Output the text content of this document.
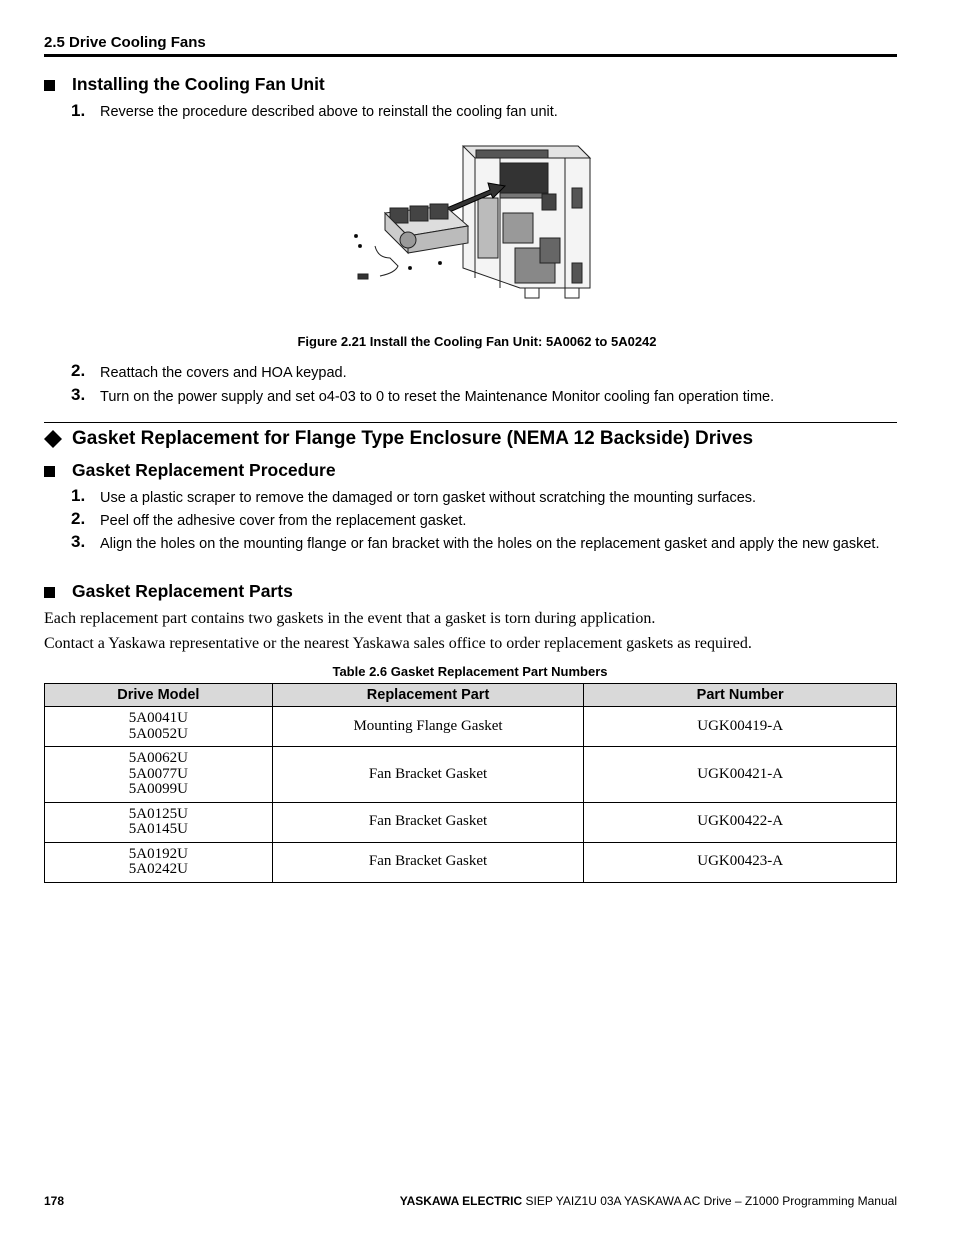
2.5 Drive Cooling Fans
Installing the Cooling Fan Unit
1. Reverse the procedure described above to reinstall the cooling fan unit.
Figure 2.21 Install the Cooling Fan Unit: 5A0062 to 5A0242
2. Reattach the covers and HOA keypad.
3. Turn on the power supply and set o4-03 to 0 to reset the Maintenance Monitor cooling fan operation time.
Gasket Replacement for Flange Type Enclosure (NEMA 12 Backside) Drives
Gasket Replacement Procedure
1. Use a plastic scraper to remove the damaged or torn gasket without scratching the mounting surfaces.
2. Peel off the adhesive cover from the replacement gasket.
3. Align the holes on the mounting flange or fan bracket with the holes on the replacement gasket and apply the new gasket.
Gasket Replacement Parts
Each replacement part contains two gaskets in the event that a gasket is torn during application.
Contact a Yaskawa representative or the nearest Yaskawa sales office to order replacement gaskets as required.
Table 2.6 Gasket Replacement Part Numbers
Drive Model	Replacement Part	Part Number

5A0041U
5A0052U	Mounting Flange Gasket	UGK00419-A

5A0062U
5A0077U
5A0099U	Fan Bracket Gasket	UGK00421-A

5A0125U
5A0145U	Fan Bracket Gasket	UGK00422-A

5A0192U
5A0242U	Fan Bracket Gasket	UGK00423-A
178	YASKAWA ELECTRIC SIEP YAIZ1U 03A YASKAWA AC Drive – Z1000 Programming Manual
